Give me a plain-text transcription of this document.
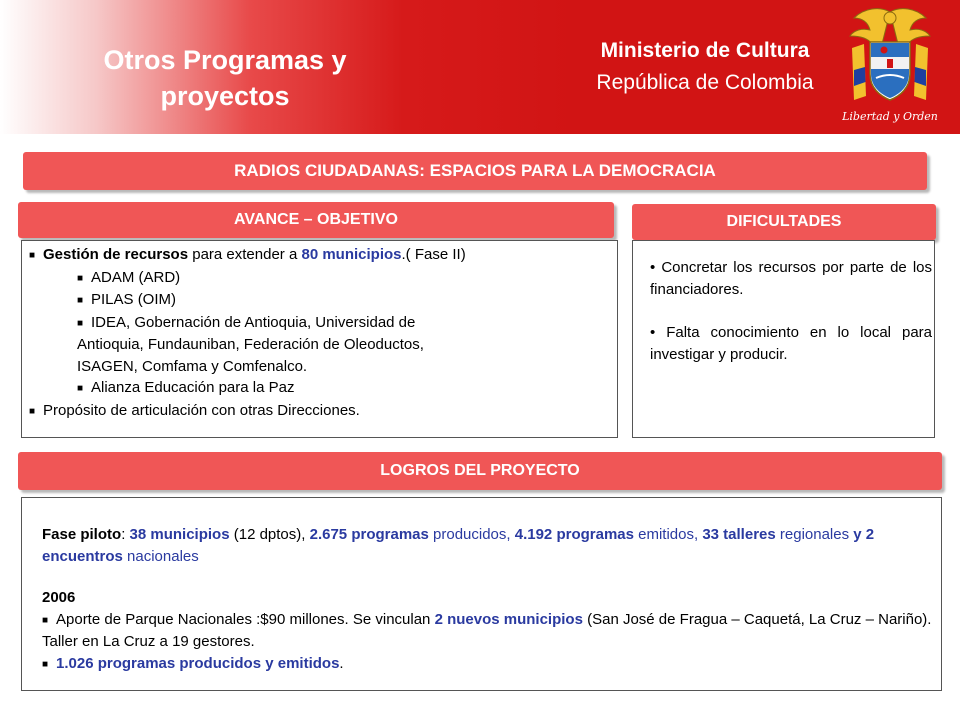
Otros Programas y
proyectos
Ministerio de Cultura
República de Colombia
Libertad y Orden
RADIOS CIUDADANAS: ESPACIOS PARA LA DEMOCRACIA
AVANCE – OBJETIVO	DIFICULTADES
■ Gestión de recursos para extender a 80 municipios.( Fase II)
■ ADAM (ARD)
■ PILAS (OIM)
■ IDEA, Gobernación de Antioquia, Universidad de
Antioquia, Fundauniban, Federación de Oleoductos,
ISAGEN, Comfama y Comfenalco.
■ Alianza Educación para la Paz
■ Propósito de articulación con otras Direcciones.
• Concretar los recursos por parte de los financiadores.
• Falta conocimiento en lo local para investigar y producir.
LOGROS DEL PROYECTO
Fase piloto: 38 municipios (12 dptos), 2.675 programas producidos, 4.192 programas emitidos, 33 talleres regionales y 2 encuentros nacionales
2006
■ Aporte de Parque Nacionales :$90 millones. Se vinculan 2 nuevos municipios (San José de Fragua – Caquetá, La Cruz – Nariño). Taller en La Cruz a 19 gestores.
■ 1.026 programas producidos y emitidos.
